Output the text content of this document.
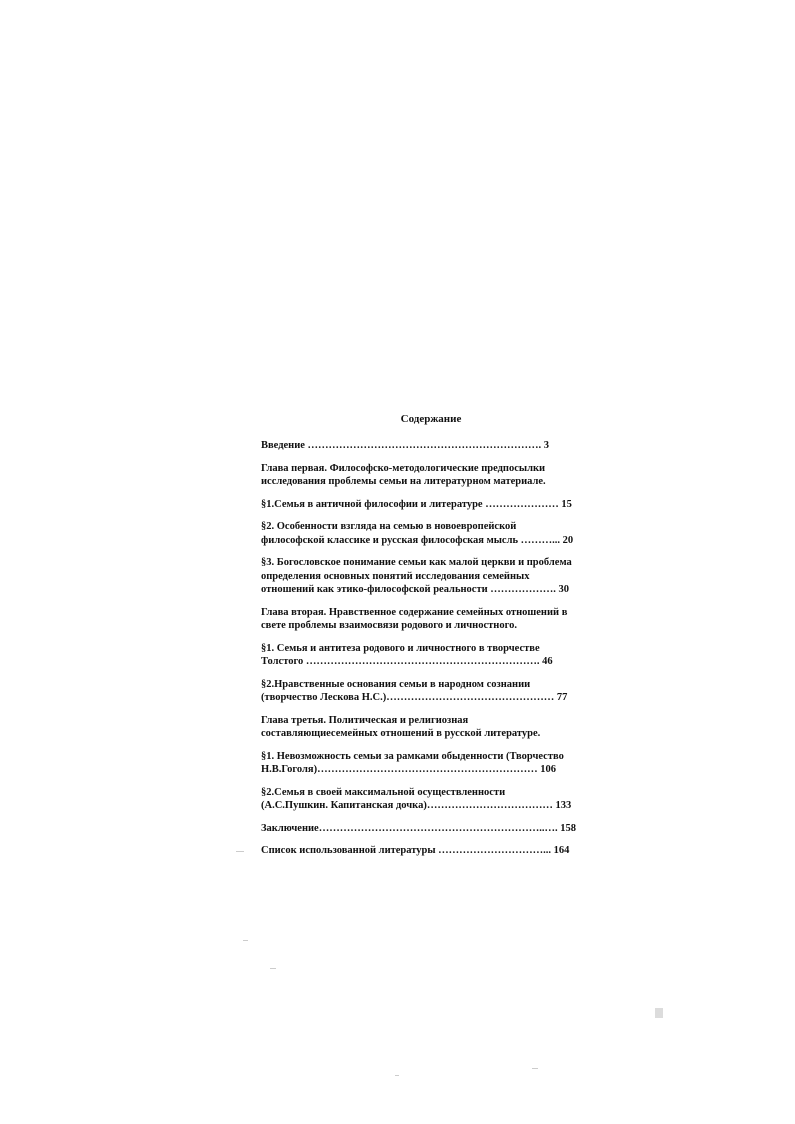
Содержание
Введение …………………………………………………………. 3
Глава первая. Философско-методологические предпосылки
исследования проблемы семьи на литературном материале.
§1.Семья в античной философии и литературе ………………… 15
§2. Особенности взгляда на семью в новоевропейской
философской классике и русская философская мысль ………... 20
§3. Богословское понимание семьи как малой церкви и проблема
определения основных понятий исследования семейных
отношений как этико-философской реальности ………………. 30
Глава вторая. Нравственное содержание семейных отношений в
свете проблемы взаимосвязи родового и личностного.
§1. Семья и антитеза родового и личностного в творчестве
Толстого …………………………………………………………. 46
§2.Нравственные основания семьи в народном сознании
(творчество Лескова Н.С.)………………………………………… 77
Глава третья. Политическая и религиозная
составляющиесемейных отношений в русской литературе.
§1. Невозможность семьи за рамками обыденности (Творчество
Н.В.Гоголя)……………………………………………………… 106
§2.Семья в своей максимальной осуществленности
(А.С.Пушкин. Капитанская дочка)……………………………… 133
Заключение………………………………………………………..…. 158
Список использованной литературы …………………………... 164
